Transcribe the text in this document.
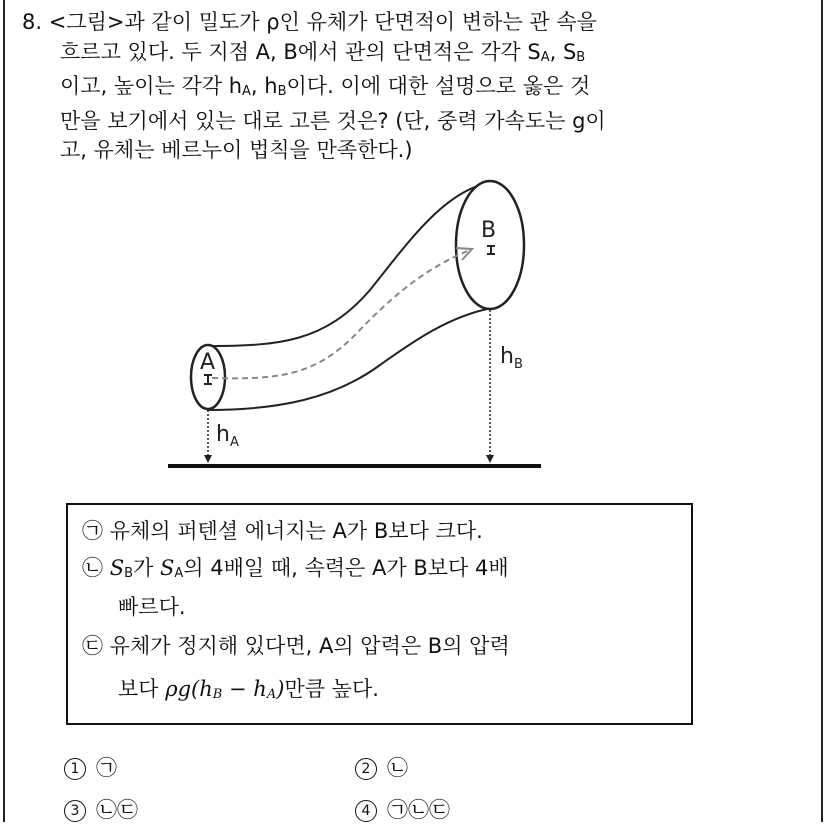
8. <그림>과 같이 밀도가 ρ인 유체가 단면적이 변하는 관 속을
흐르고 있다. 두 지점 A, B에서 관의 단면적은 각각 SA, SB
이고, 높이는 각각 hA, hB이다. 이에 대한 설명으로 옳은 것
만을 보기에서 있는 대로 고른 것은? (단, 중력 가속도는 g이
고, 유체는 베르누이 법칙을 만족한다.)
A
B
$h_A$
$h_B$
㉠ 유체의 퍼텐셜 에너지는 A가 B보다 크다.
㉡ SB가 SA의 4배일 때, 속력은 A가 B보다 4배
빠르다.
㉢ 유체가 정지해 있다면, A의 압력은 B의 압력
보다 ρg(hB − hA)만큼 높다.
1 ㉠	2 ㉡
3 ㉡㉢	4 ㉠㉡㉢
